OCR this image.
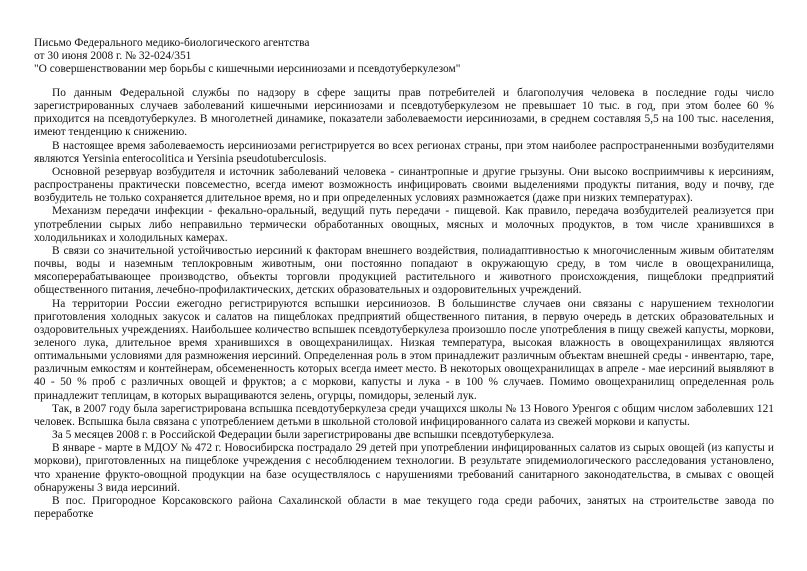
Письмо Федерального медико-биологического агентства
от 30 июня 2008 г. № 32-024/351
"О совершенствовании мер борьбы с кишечными иерсиниозами и псевдотуберкулезом"

По данным Федеральной службы по надзору в сфере защиты прав потребителей и благополучия человека в последние годы число зарегистрированных случаев заболеваний кишечными иерсиниозами и псевдотуберкулезом не превышает 10 тыс. в год, при этом более 60 % приходится на псевдотуберкулез. В многолетней динамике, показатели заболеваемости иерсиниозами, в среднем составляя 5,5 на 100 тыс. населения, имеют тенденцию к снижению.

В настоящее время заболеваемость иерсиниозами регистрируется во всех регионах страны, при этом наиболее распространенными возбудителями являются Yersinia enterocolitica и Yersinia pseudotuberculosis.

Основной резервуар возбудителя и источник заболеваний человека - синантропные и другие грызуны. Они высоко восприимчивы к иерсиниям, распространены практически повсеместно, всегда имеют возможность инфицировать своими выделениями продукты питания, воду и почву, где возбудитель не только сохраняется длительное время, но и при определенных условиях размножается (даже при низких температурах).

Механизм передачи инфекции - фекально-оральный, ведущий путь передачи - пищевой. Как правило, передача возбудителей реализуется при употреблении сырых либо неправильно термически обработанных овощных, мясных и молочных продуктов, в том числе хранившихся в холодильниках и холодильных камерах.

В связи со значительной устойчивостью иерсиний к факторам внешнего воздействия, полиадаптивностью к многочисленным живым обитателям почвы, воды и наземным теплокровным животным, они постоянно попадают в окружающую среду, в том числе в овощехранилища, мясоперерабатывающее производство, объекты торговли продукцией растительного и животного происхождения, пищеблоки предприятий общественного питания, лечебно-профилактических, детских образовательных и оздоровительных учреждений.

На территории России ежегодно регистрируются вспышки иерсиниозов. В большинстве случаев они связаны с нарушением технологии приготовления холодных закусок и салатов на пищеблоках предприятий общественного питания, в первую очередь в детских образовательных и оздоровительных учреждениях. Наибольшее количество вспышек псевдотуберкулеза произошло после употребления в пищу свежей капусты, моркови, зеленого лука, длительное время хранившихся в овощехранилищах. Низкая температура, высокая влажность в овощехранилищах являются оптимальными условиями для размножения иерсиний. Определенная роль в этом принадлежит различным объектам внешней среды - инвентарю, таре, различным емкостям и контейнерам, обсемененность которых всегда имеет место. В некоторых овощехранилищах в апреле - мае иерсиний выявляют в 40 - 50 % проб с различных овощей и фруктов; а с моркови, капусты и лука - в 100 % случаев. Помимо овощехранилищ определенная роль принадлежит теплицам, в которых выращиваются зелень, огурцы, помидоры, зеленый лук.

Так, в 2007 году была зарегистрирована вспышка псевдотуберкулеза среди учащихся школы № 13 Нового Уренгоя с общим числом заболевших 121 человек. Вспышка была связана с употреблением детьми в школьной столовой инфицированного салата из свежей моркови и капусты.

За 5 месяцев 2008 г. в Российской Федерации были зарегистрированы две вспышки псевдотуберкулеза.

В январе - марте в МДОУ № 472 г. Новосибирска пострадало 29 детей при употреблении инфицированных салатов из сырых овощей (из капусты и моркови), приготовленных на пищеблоке учреждения с несоблюдением технологии. В результате эпидемиологического расследования установлено, что хранение фрукто-овощной продукции на базе осуществлялось с нарушениями требований санитарного законодательства, в смывах с овощей обнаружены 3 вида иерсиний.

В пос. Пригородное Корсаковского района Сахалинской области в мае текущего года среди рабочих, занятых на строительстве завода по переработке
